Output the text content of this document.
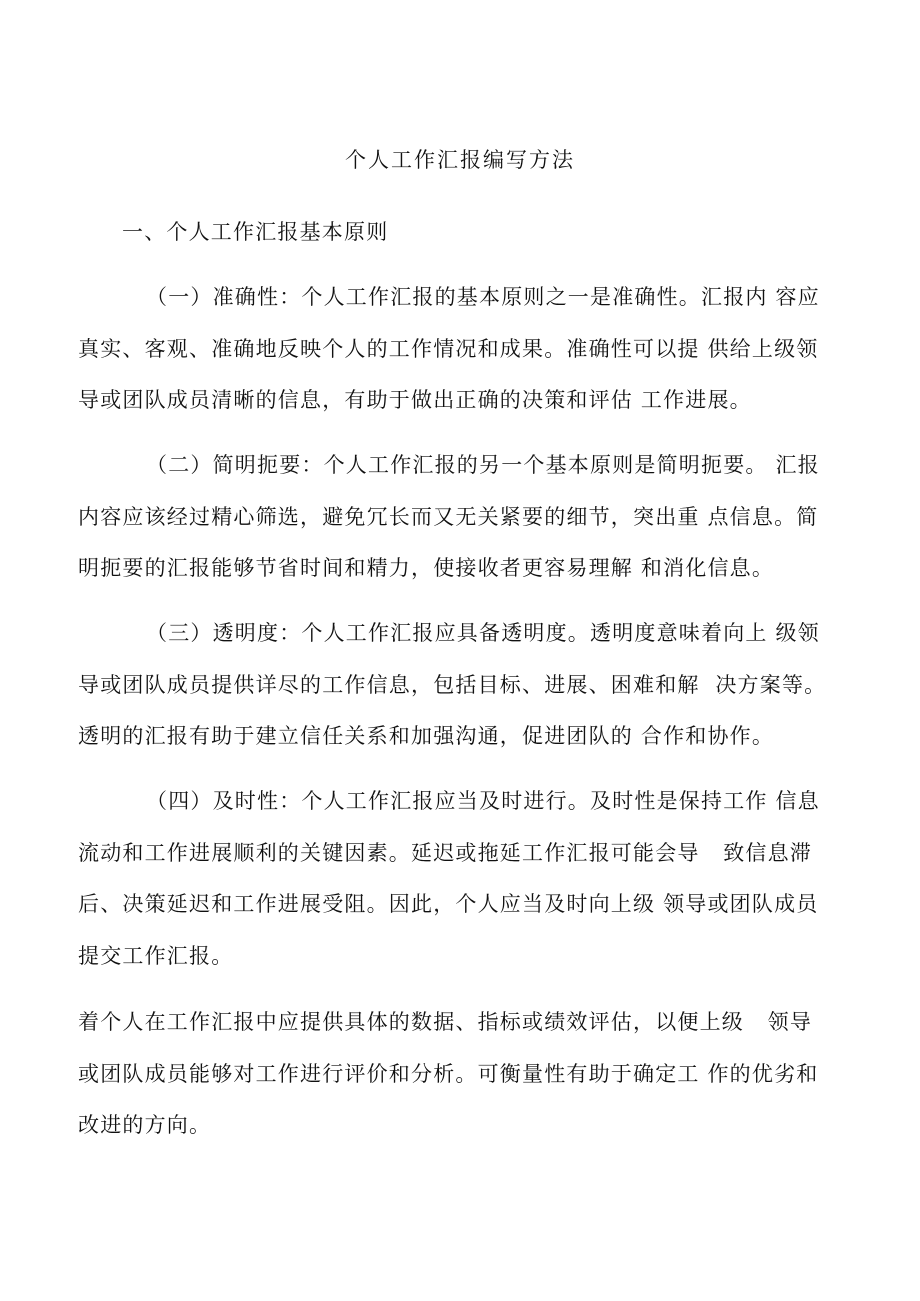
个人工作汇报编写方法
一、个人工作汇报基本原则
（一）准确性：个人工作汇报的基本原则之一是准确性。汇报内 容应
真实、客观、准确地反映个人的工作情况和成果。准确性可以提 供给上级领
导或团队成员清晰的信息，有助于做出正确的决策和评估 工作进展。
（二）简明扼要：个人工作汇报的另一个基本原则是简明扼要。 汇报
内容应该经过精心筛选，避免冗长而又无关紧要的细节，突出重 点信息。简
明扼要的汇报能够节省时间和精力，使接收者更容易理解 和消化信息。
（三）透明度：个人工作汇报应具备透明度。透明度意味着向上 级领
导或团队成员提供详尽的工作信息，包括目标、进展、困难和解  决方案等。
透明的汇报有助于建立信任关系和加强沟通，促进团队的 合作和协作。
（四）及时性：个人工作汇报应当及时进行。及时性是保持工作 信息
流动和工作进展顺利的关键因素。延迟或拖延工作汇报可能会导   致信息滞
后、决策延迟和工作进展受阻。因此，个人应当及时向上级 领导或团队成员
提交工作汇报。
着个人在工作汇报中应提供具体的数据、指标或绩效评估，以便上级   领导
或团队成员能够对工作进行评价和分析。可衡量性有助于确定工 作的优劣和
改进的方向。
